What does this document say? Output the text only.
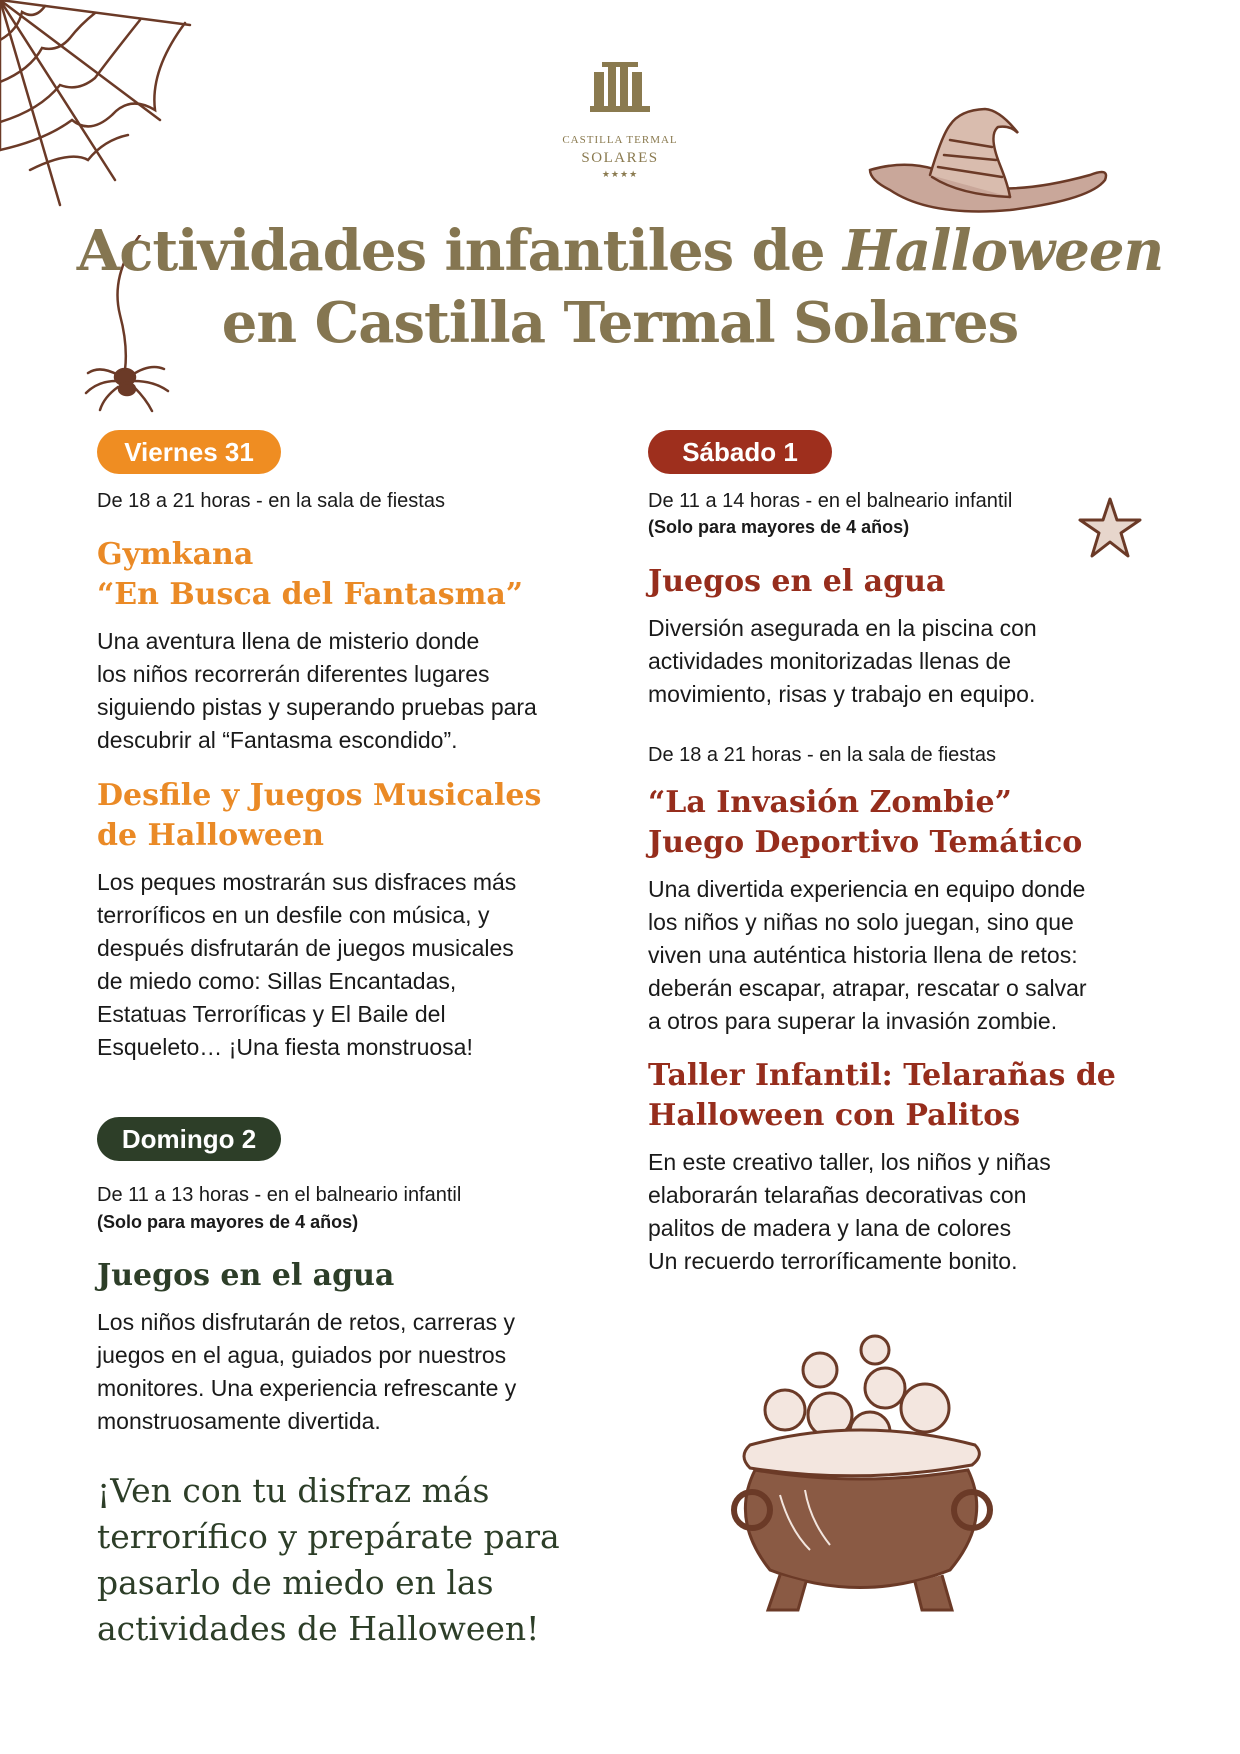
CASTILLA TERMAL
SOLARES
★★★★
Actividades infantiles de Halloween
en Castilla Termal Solares
Viernes 31
De 18 a 21 horas - en la sala de fiestas
Gymkana
“En Busca del Fantasma”
Una aventura llena de misterio donde
los niños recorrerán diferentes lugares
siguiendo pistas y superando pruebas para
descubrir al “Fantasma escondido”.
Desfile y Juegos Musicales
de Halloween
Los peques mostrarán sus disfraces más
terroríficos en un desfile con música, y
después disfrutarán de juegos musicales
de miedo como: Sillas Encantadas,
Estatuas Terroríficas y El Baile del
Esqueleto… ¡Una fiesta monstruosa!
Domingo 2
De 11 a 13 horas - en el balneario infantil
(Solo para mayores de 4 años)
Juegos en el agua
Los niños disfrutarán de retos, carreras y
juegos en el agua, guiados por nuestros
monitores. Una experiencia refrescante y
monstruosamente divertida.
¡Ven con tu disfraz más
terrorífico y prepárate para
pasarlo de miedo en las
actividades de Halloween!
Sábado 1
De 11 a 14 horas - en el balneario infantil
(Solo para mayores de 4 años)
Juegos en el agua
Diversión asegurada en la piscina con
actividades monitorizadas llenas de
movimiento, risas y trabajo en equipo.
De 18 a 21 horas - en la sala de fiestas
“La Invasión Zombie”
Juego Deportivo Temático
Una divertida experiencia en equipo donde
los niños y niñas no solo juegan, sino que
viven una auténtica historia llena de retos:
deberán escapar, atrapar, rescatar o salvar
a otros para superar la invasión zombie.
Taller Infantil: Telarañas de
Halloween con Palitos
En este creativo taller, los niños y niñas
elaborarán telarañas decorativas con
palitos de madera y lana de colores
Un recuerdo terroríficamente bonito.
